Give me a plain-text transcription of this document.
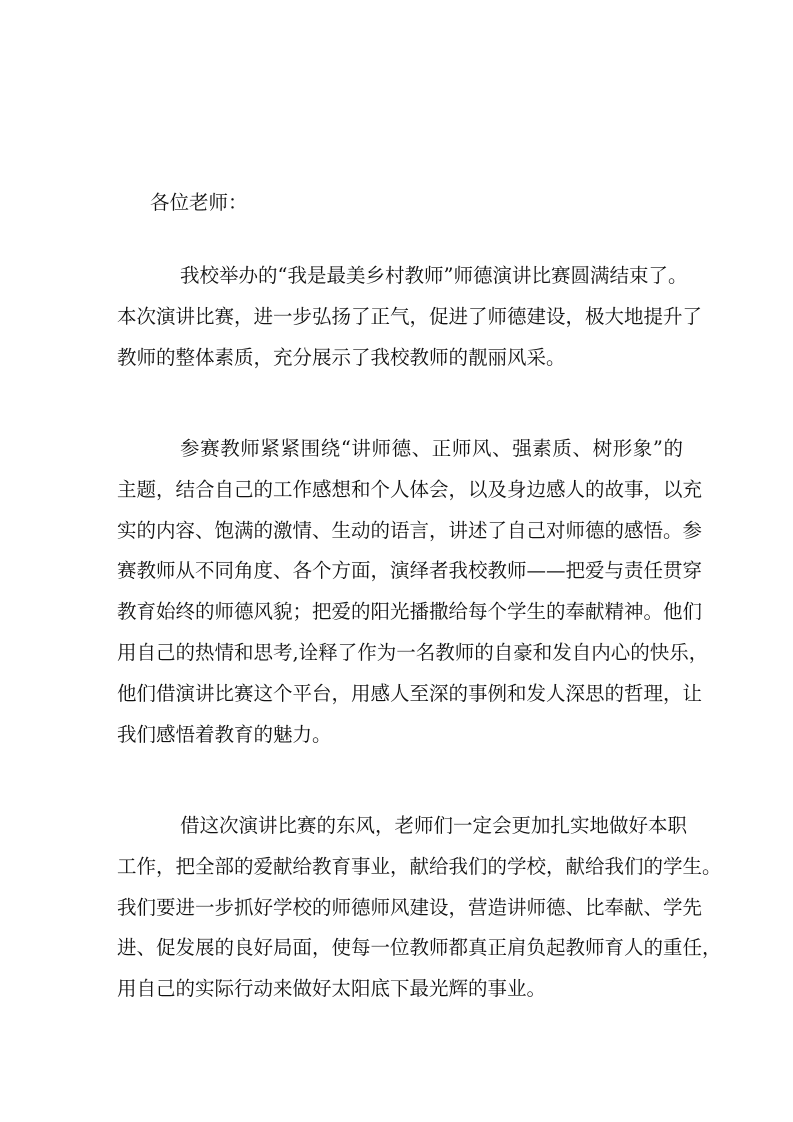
各位老师：
我校举办的“我是最美乡村教师”师德演讲比赛圆满结束了。
本次演讲比赛，进一步弘扬了正气，促进了师德建设，极大地提升了
教师的整体素质，充分展示了我校教师的靓丽风采。
参赛教师紧紧围绕“讲师德、正师风、强素质、树形象”的
主题，结合自己的工作感想和个人体会，以及身边感人的故事，以充
实的内容、饱满的激情、生动的语言，讲述了自己对师德的感悟。参
赛教师从不同角度、各个方面，演绎者我校教师——把爱与责任贯穿
教育始终的师德风貌；把爱的阳光播撒给每个学生的奉献精神。他们
用自己的热情和思考,诠释了作为一名教师的自豪和发自内心的快乐，
他们借演讲比赛这个平台，用感人至深的事例和发人深思的哲理，让
我们感悟着教育的魅力。
借这次演讲比赛的东风，老师们一定会更加扎实地做好本职
工作，把全部的爱献给教育事业，献给我们的学校，献给我们的学生。
我们要进一步抓好学校的师德师风建设，营造讲师德、比奉献、学先
进、促发展的良好局面，使每一位教师都真正肩负起教师育人的重任，
用自己的实际行动来做好太阳底下最光辉的事业。
